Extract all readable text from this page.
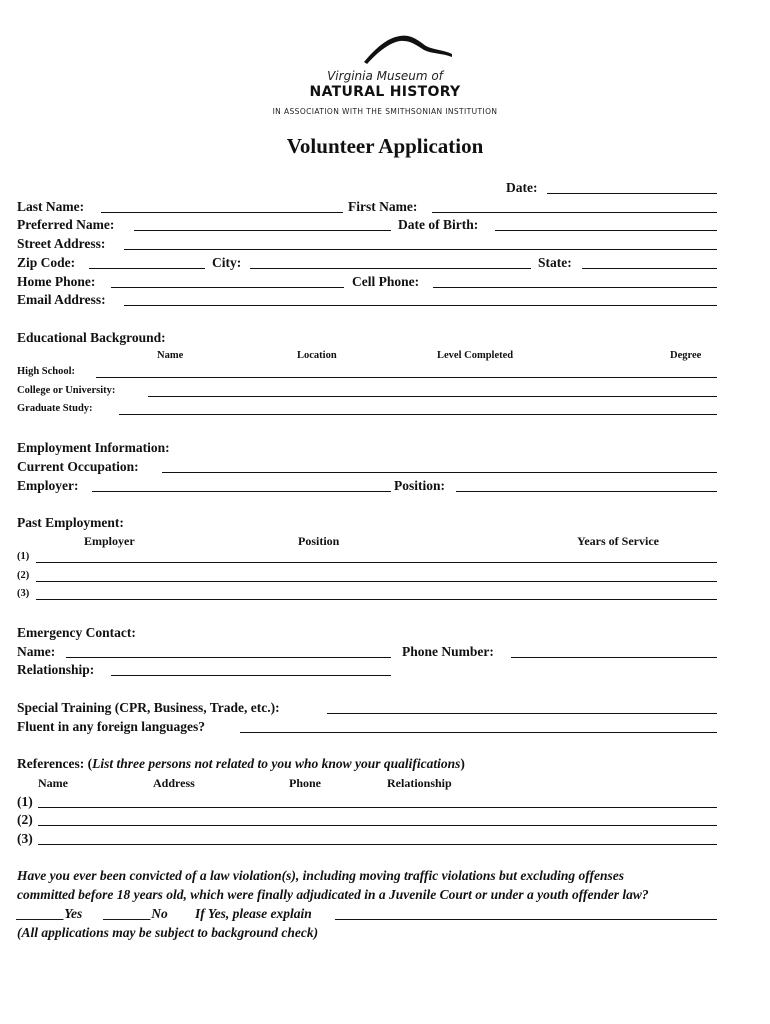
Virginia Museum of
NATURAL HISTORY
IN ASSOCIATION WITH THE SMITHSONIAN INSTITUTION
Volunteer Application
Date:
Last Name:	First Name:
Preferred Name:	Date of Birth:
Street Address:
Zip Code:	City:	State:
Home Phone:	Cell Phone:
Email Address:
Educational Background:
Name	Location	Level Completed	Degree
High School:
College or University:
Graduate Study:
Employment Information:
Current Occupation:
Employer:	Position:
Past Employment:
Employer	Position	Years of Service
(1)
(2)
(3)
Emergency Contact:
Name:	Phone Number:
Relationship:
Special Training (CPR, Business, Trade, etc.):
Fluent in any foreign languages?
References: (List three persons not related to you who know your qualifications)
Name	Address	Phone	Relationship
(1)
(2)
(3)
Have you ever been convicted of a law violation(s), including moving traffic violations but excluding offenses
committed before 18 years old, which were finally adjudicated in a Juvenile Court or under a youth offender law?
_______Yes _______No If Yes, please explain
(All applications may be subject to background check)
